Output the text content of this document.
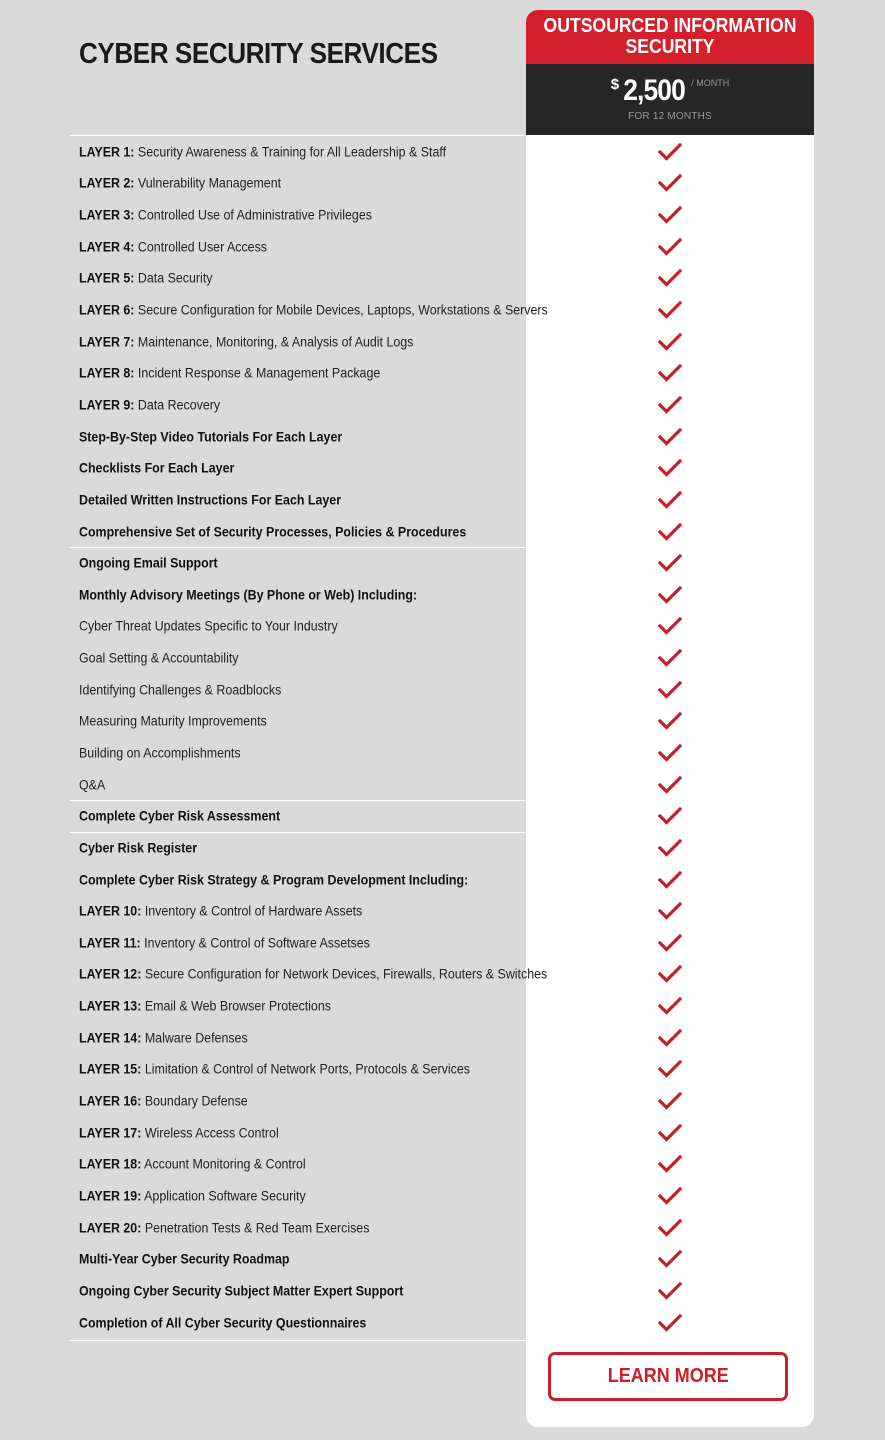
CYBER SECURITY SERVICES
OUTSOURCED INFORMATION SECURITY
$ 2,500 $^{/ MONTH}$
FOR 12 MONTHS
LAYER 1: Security Awareness & Training for All Leadership & Staff
LAYER 2: Vulnerability Management
LAYER 3: Controlled Use of Administrative Privileges
LAYER 4: Controlled User Access
LAYER 5: Data Security
LAYER 6: Secure Configuration for Mobile Devices, Laptops, Workstations & Servers
LAYER 7: Maintenance, Monitoring, & Analysis of Audit Logs
LAYER 8: Incident Response & Management Package
LAYER 9: Data Recovery
Step-By-Step Video Tutorials For Each Layer
Checklists For Each Layer
Detailed Written Instructions For Each Layer
Comprehensive Set of Security Processes, Policies & Procedures
Ongoing Email Support
Monthly Advisory Meetings (By Phone or Web) Including:
Cyber Threat Updates Specific to Your Industry
Goal Setting & Accountability
Identifying Challenges & Roadblocks
Measuring Maturity Improvements
Building on Accomplishments
Q&A
Complete Cyber Risk Assessment
Cyber Risk Register
Complete Cyber Risk Strategy & Program Development Including:
LAYER 10: Inventory & Control of Hardware Assets
LAYER 11: Inventory & Control of Software Assetses
LAYER 12: Secure Configuration for Network Devices, Firewalls, Routers & Switches
LAYER 13: Email & Web Browser Protections
LAYER 14: Malware Defenses
LAYER 15: Limitation & Control of Network Ports, Protocols & Services
LAYER 16: Boundary Defense
LAYER 17: Wireless Access Control
LAYER 18: Account Monitoring & Control
LAYER 19: Application Software Security
LAYER 20: Penetration Tests & Red Team Exercises
Multi-Year Cyber Security Roadmap
Ongoing Cyber Security Subject Matter Expert Support
Completion of All Cyber Security Questionnaires
LEARN MORE
